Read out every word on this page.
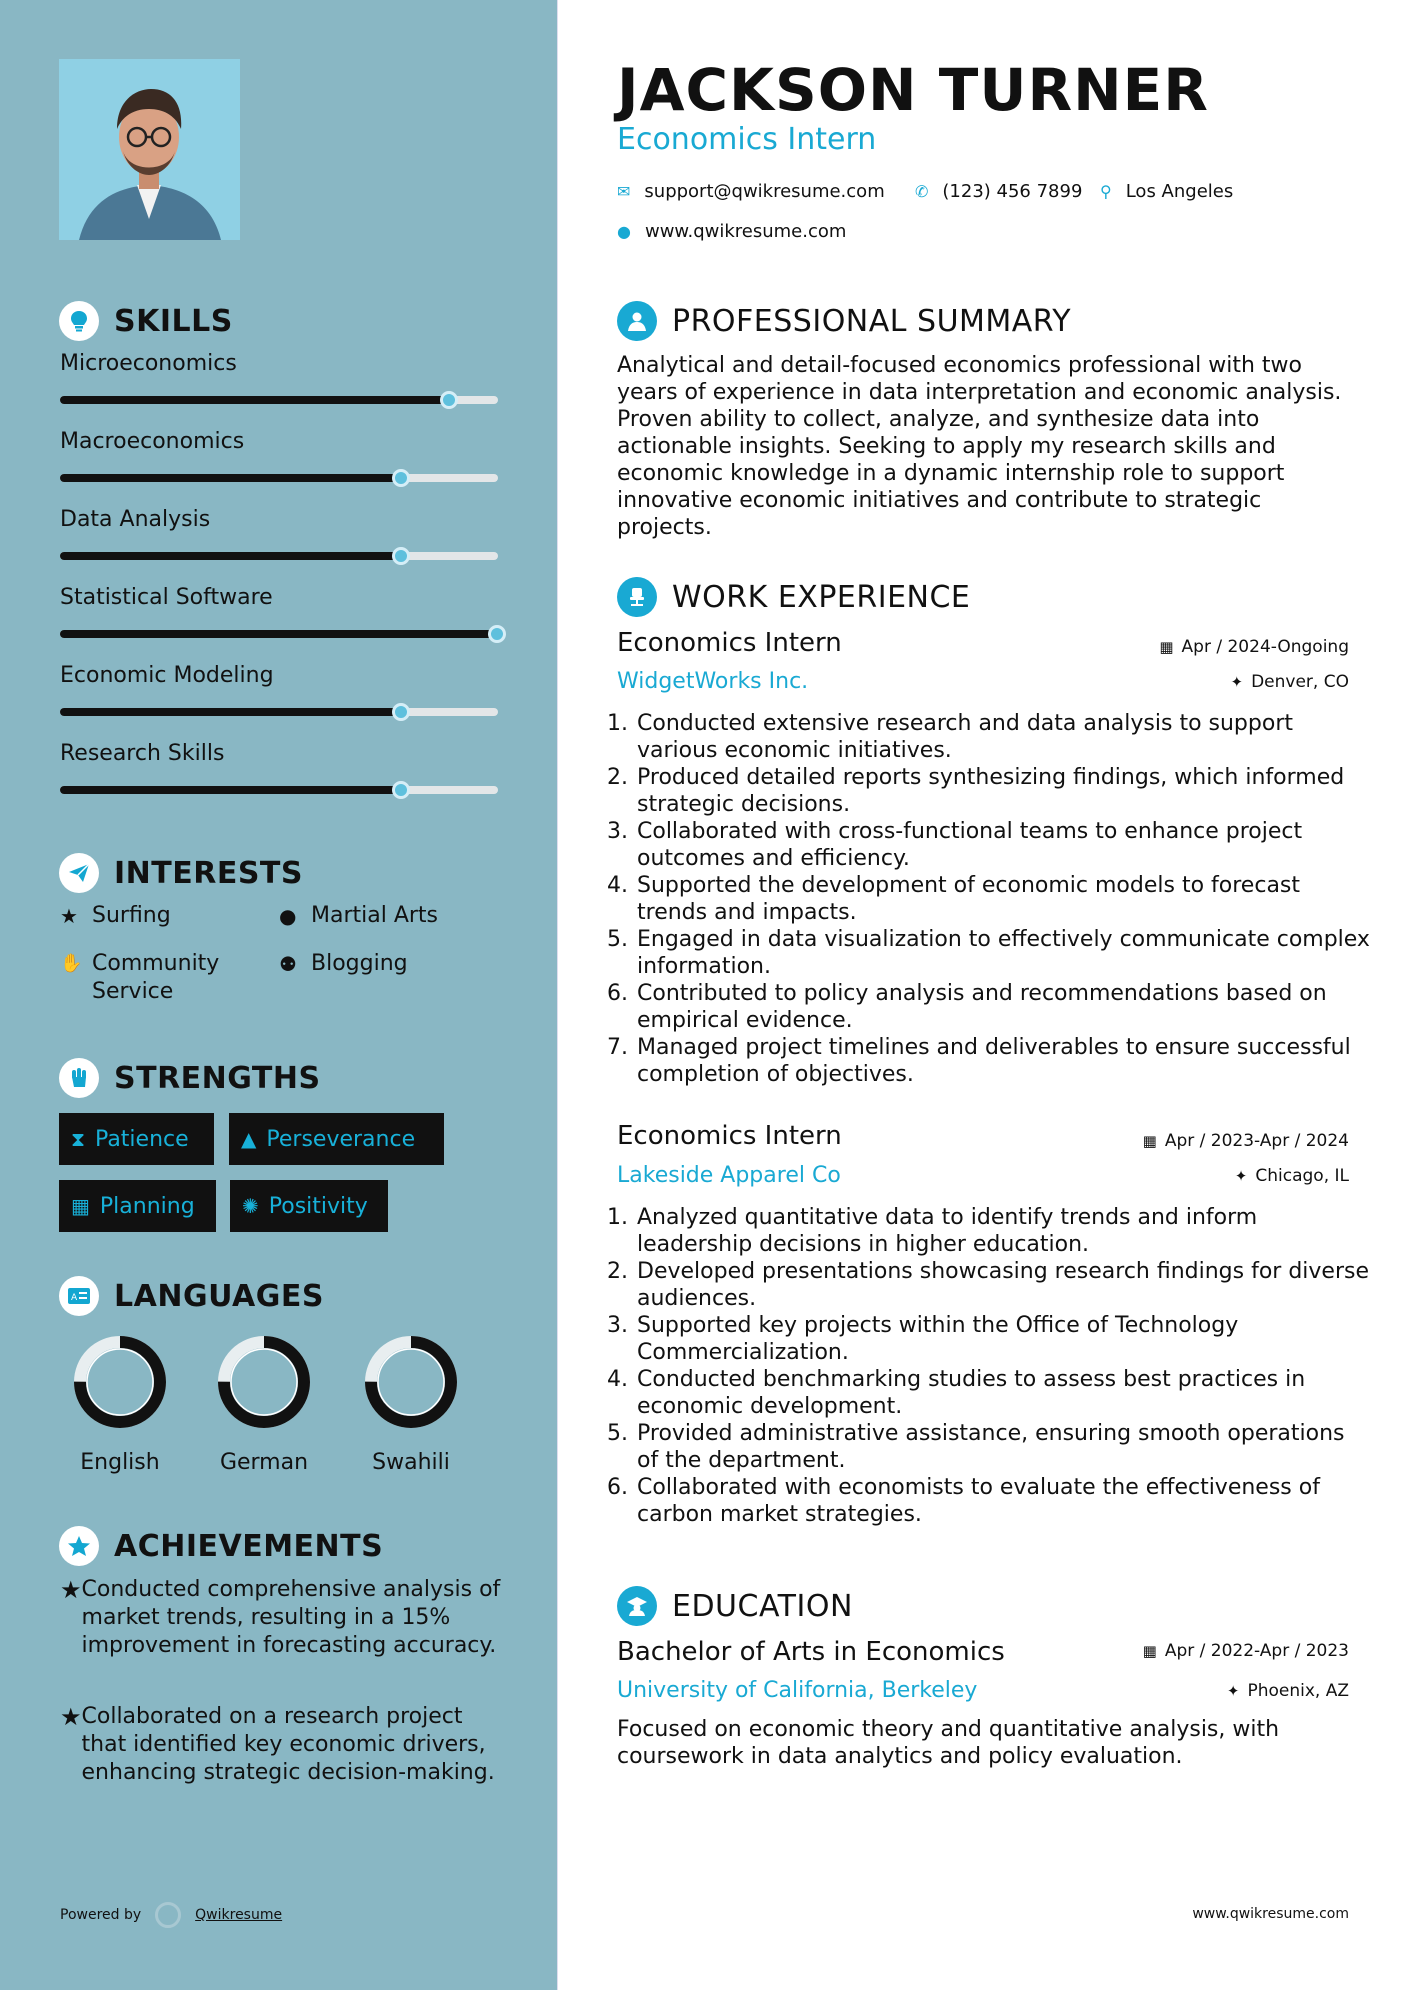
SKILLS
Microeconomics
Macroeconomics
Data Analysis
Statistical Software
Economic Modeling
Research Skills
INTERESTS
★ Surfing	● Martial Arts
✋ Community Service
⚉ Blogging
STRENGTHS
⧗ Patience	▲ Perseverance
▦ Planning ✺ Positivity
A LANGUAGES
English	German	Swahili
ACHIEVEMENTS
★ Conducted comprehensive analysis of market trends, resulting in a 15% improvement in forecasting accuracy.
★ Collaborated on a research project that identified key economic drivers, enhancing strategic decision-making.
Powered by	Qwikresume	www.qwikresume.com
JACKSON TURNER
Economics Intern
✉ support@qwikresume.com ✆ (123) 456 7899 ⚲ Los Angeles
● www.qwikresume.com
PROFESSIONAL SUMMARY
Analytical and detail-focused economics professional with two years of experience in data interpretation and economic analysis. Proven ability to collect, analyze, and synthesize data into actionable insights. Seeking to apply my research skills and economic knowledge in a dynamic internship role to support innovative economic initiatives and contribute to strategic projects.
WORK EXPERIENCE
Economics Intern	▦ Apr / 2024-Ongoing
WidgetWorks Inc.	✦ Denver, CO
1. Conducted extensive research and data analysis to support various economic initiatives.
2. Produced detailed reports synthesizing findings, which informed strategic decisions.
3. Collaborated with cross-functional teams to enhance project outcomes and efficiency.
4. Supported the development of economic models to forecast trends and impacts.
5. Engaged in data visualization to effectively communicate complex information.
6. Contributed to policy analysis and recommendations based on empirical evidence.
7. Managed project timelines and deliverables to ensure successful completion of objectives.
Economics Intern	▦ Apr / 2023-Apr / 2024
Lakeside Apparel Co	✦ Chicago, IL
1. Analyzed quantitative data to identify trends and inform leadership decisions in higher education.
2. Developed presentations showcasing research findings for diverse audiences.
3. Supported key projects within the Office of Technology Commercialization.
4. Conducted benchmarking studies to assess best practices in economic development.
5. Provided administrative assistance, ensuring smooth operations of the department.
6. Collaborated with economists to evaluate the effectiveness of carbon market strategies.
EDUCATION
Bachelor of Arts in Economics	▦ Apr / 2022-Apr / 2023
University of California, Berkeley	✦ Phoenix, AZ
Focused on economic theory and quantitative analysis, with coursework in data analytics and policy evaluation.
